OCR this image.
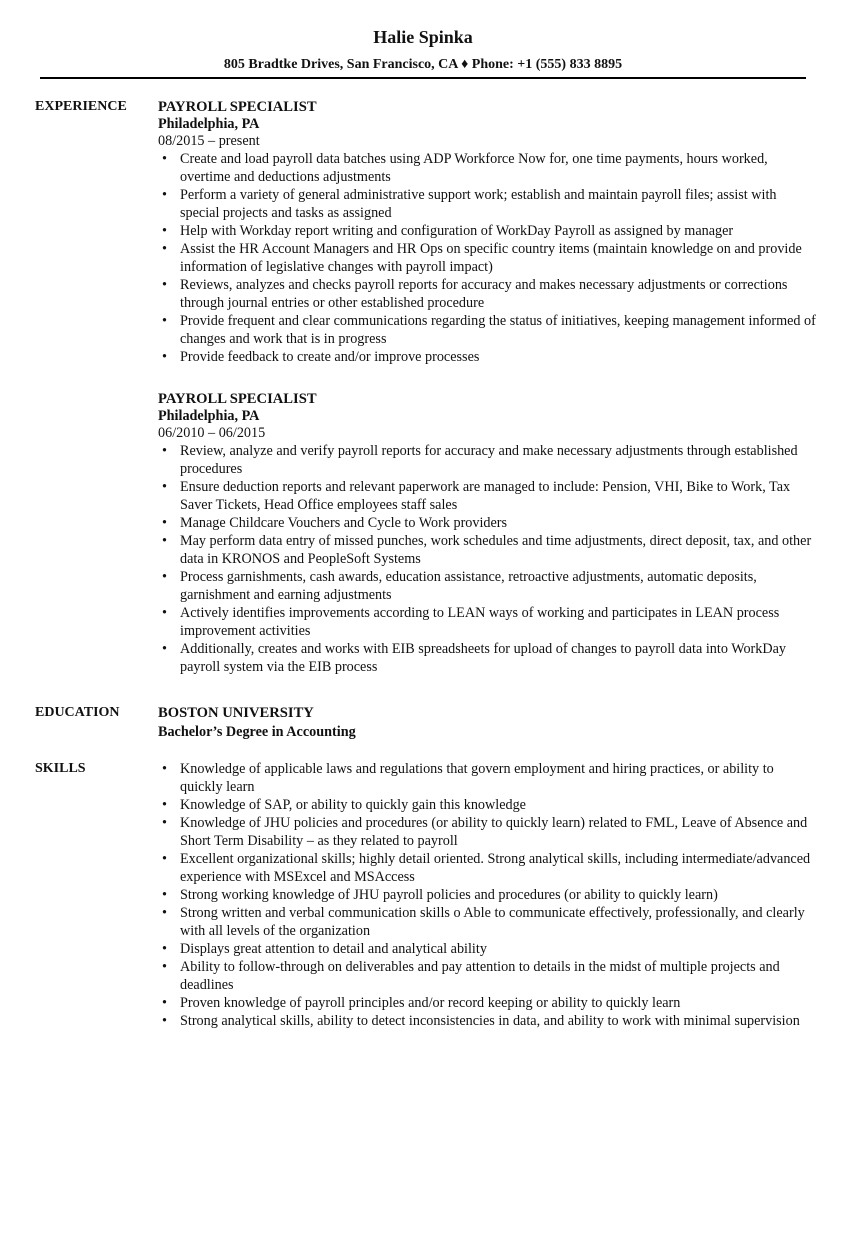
Halie Spinka
805 Bradtke Drives, San Francisco, CA ♦ Phone: +1 (555) 833 8895
EXPERIENCE	PAYROLL SPECIALIST
Philadelphia, PA
08/2015 – present
• Create and load payroll data batches using ADP Workforce Now for, one time payments, hours worked, overtime and deductions adjustments
• Perform a variety of general administrative support work; establish and maintain payroll files; assist with special projects and tasks as assigned
• Help with Workday report writing and configuration of WorkDay Payroll as assigned by manager
• Assist the HR Account Managers and HR Ops on specific country items (maintain knowledge on and provide information of legislative changes with payroll impact)
• Reviews, analyzes and checks payroll reports for accuracy and makes necessary adjustments or corrections through journal entries or other established procedure
• Provide frequent and clear communications regarding the status of initiatives, keeping management informed of changes and work that is in progress
• Provide feedback to create and/or improve processes
PAYROLL SPECIALIST
Philadelphia, PA
06/2010 – 06/2015
• Review, analyze and verify payroll reports for accuracy and make necessary adjustments through established procedures
• Ensure deduction reports and relevant paperwork are managed to include: Pension, VHI, Bike to Work, Tax Saver Tickets, Head Office employees staff sales
• Manage Childcare Vouchers and Cycle to Work providers
• May perform data entry of missed punches, work schedules and time adjustments, direct deposit, tax, and other data in KRONOS and PeopleSoft Systems
• Process garnishments, cash awards, education assistance, retroactive adjustments, automatic deposits, garnishment and earning adjustments
• Actively identifies improvements according to LEAN ways of working and participates in LEAN process improvement activities
• Additionally, creates and works with EIB spreadsheets for upload of changes to payroll data into WorkDay payroll system via the EIB process
EDUCATION	BOSTON UNIVERSITY
Bachelor’s Degree in Accounting
SKILLS
•	Knowledge of applicable laws and regulations that govern employment and hiring practices, or ability to quickly learn
• Knowledge of SAP, or ability to quickly gain this knowledge
• Knowledge of JHU policies and procedures (or ability to quickly learn) related to FML, Leave of Absence and Short Term Disability – as they related to payroll
• Excellent organizational skills; highly detail oriented. Strong analytical skills, including intermediate/advanced experience with MSExcel and MSAccess
• Strong working knowledge of JHU payroll policies and procedures (or ability to quickly learn)
• Strong written and verbal communication skills o Able to communicate effectively, professionally, and clearly with all levels of the organization
• Displays great attention to detail and analytical ability
• Ability to follow-through on deliverables and pay attention to details in the midst of multiple projects and deadlines
• Proven knowledge of payroll principles and/or record keeping or ability to quickly learn
• Strong analytical skills, ability to detect inconsistencies in data, and ability to work with minimal supervision
